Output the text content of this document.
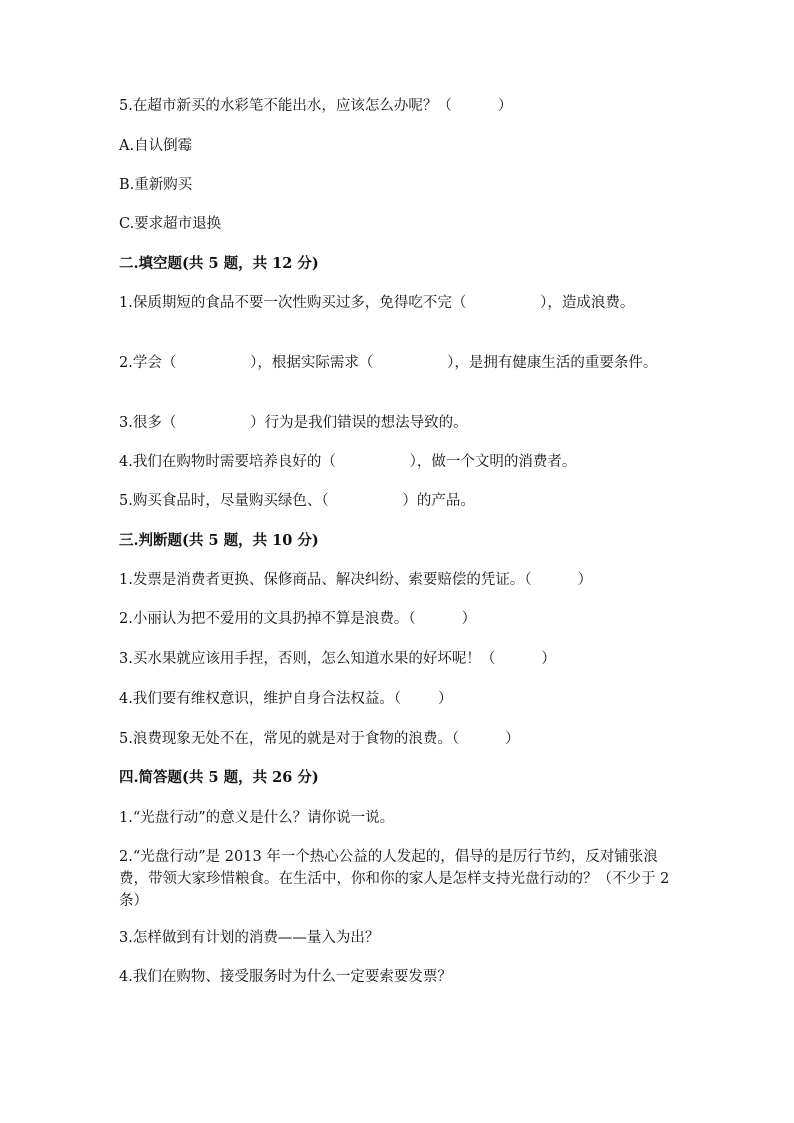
5.在超市新买的水彩笔不能出水，应该怎么办呢？（          ）
A.自认倒霉
B.重新购买
C.要求超市退换
二.填空题(共 5 题，共 12 分)
1.保质期短的食品不要一次性购买过多，免得吃不完（                ），造成浪费。
2.学会（                ），根据实际需求（                ），是拥有健康生活的重要条件。
3.很多（                ）行为是我们错误的想法导致的。
4.我们在购物时需要培养良好的（                ），做一个文明的消费者。
5.购买食品时，尽量购买绿色、（                ）的产品。
三.判断题(共 5 题，共 10 分)
1.发票是消费者更换、保修商品、解决纠纷、索要赔偿的凭证。（          ）
2.小丽认为把不爱用的文具扔掉不算是浪费。（          ）
3.买水果就应该用手捏，否则，怎么知道水果的好坏呢！（          ）
4.我们要有维权意识，维护自身合法权益。（        ）
5.浪费现象无处不在，常见的就是对于食物的浪费。（          ）
四.简答题(共 5 题，共 26 分)
1.“光盘行动”的意义是什么？请你说一说。
2.“光盘行动”是 2013 年一个热心公益的人发起的，倡导的是厉行节约，反对铺张浪费，带领大家珍惜粮食。在生活中，你和你的家人是怎样支持光盘行动的？（不少于 2 条）
3.怎样做到有计划的消费——量入为出？
4.我们在购物、接受服务时为什么一定要索要发票？
